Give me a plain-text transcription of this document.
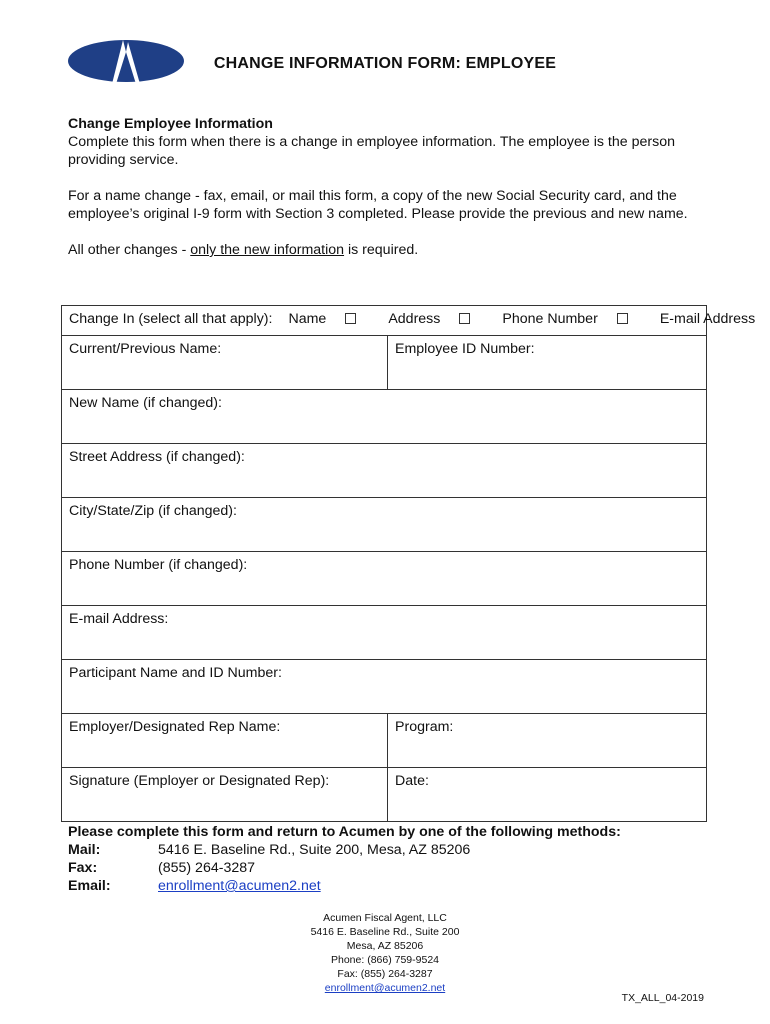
CHANGE INFORMATION FORM: EMPLOYEE

Change Employee Information

Complete this form when there is a change in employee information. The employee is the person providing service.

For a name change - fax, email, or mail this form, a copy of the new Social Security card, and the employee’s original I-9 form with Section 3 completed. Please provide the previous and new name.

All other changes - only the new information is required.

Change In (select all that apply): Name	Address	Phone Number	E-mail Address
Current/Previous Name:	Employee ID Number:
New Name (if changed):
Street Address (if changed):
City/State/Zip (if changed):
Phone Number (if changed):
E-mail Address:
Participant Name and ID Number:
Employer/Designated Rep Name:	Program:
Signature (Employer or Designated Rep):	Date:
Please complete this form and return to Acumen by one of the following methods:
Mail:	5416 E. Baseline Rd., Suite 200, Mesa, AZ 85206
Fax:	(855) 264-3287
Email:	enrollment@acumen2.net
Acumen Fiscal Agent, LLC
5416 E. Baseline Rd., Suite 200
Mesa, AZ 85206
Phone: (866) 759-9524
Fax: (855) 264-3287
enrollment@acumen2.net
TX_ALL_04-2019
